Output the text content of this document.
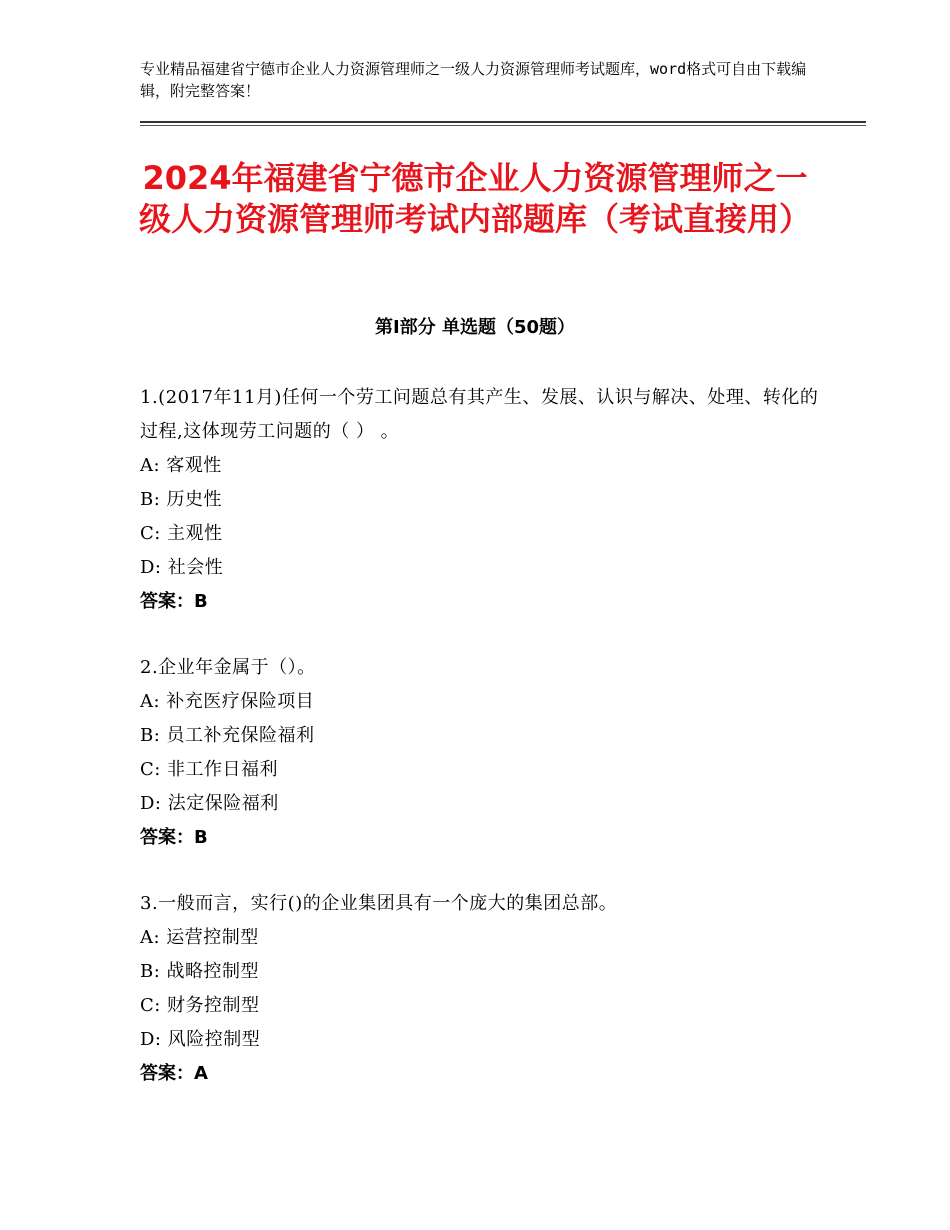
专业精品福建省宁德市企业人力资源管理师之一级人力资源管理师考试题库，word格式可自由下载编辑，附完整答案！
2024年福建省宁德市企业人力资源管理师之一级人力资源管理师考试内部题库（考试直接用）
第Ⅰ部分 单选题（50题）
1.(2017年11月)任何一个劳工问题总有其产生、发展、认识与解决、处理、转化的过程,这体现劳工问题的（ ） 。
A: 客观性
B: 历史性
C: 主观性
D: 社会性
答案：B
2.企业年金属于（）。
A: 补充医疗保险项目
B: 员工补充保险福利
C: 非工作日福利
D: 法定保险福利
答案：B
3.一般而言，实行()的企业集团具有一个庞大的集团总部。
A: 运营控制型
B: 战略控制型
C: 财务控制型
D: 风险控制型
答案：A
